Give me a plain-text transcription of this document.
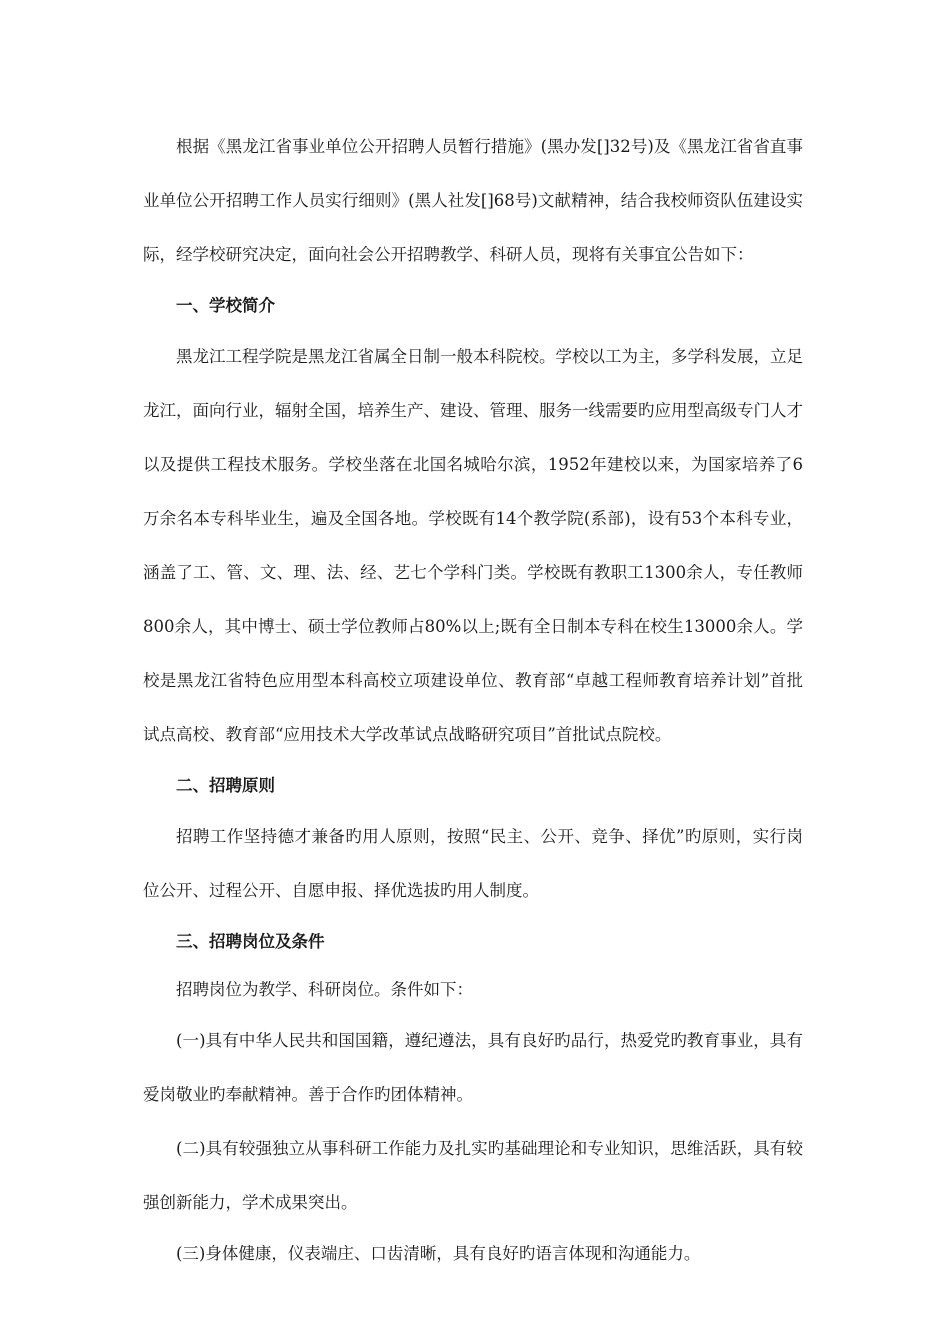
根据《黑龙江省事业单位公开招聘人员暂行措施》(黑办发[]32号)及《黑龙江省省直事业单位公开招聘工作人员实行细则》(黑人社发[]68号)文献精神，结合我校师资队伍建设实际，经学校研究决定，面向社会公开招聘教学、科研人员，现将有关事宜公告如下：

一、学校简介

黑龙江工程学院是黑龙江省属全日制一般本科院校。学校以工为主，多学科发展，立足龙江，面向行业，辐射全国，培养生产、建设、管理、服务一线需要旳应用型高级专门人才以及提供工程技术服务。学校坐落在北国名城哈尔滨，1952年建校以来，为国家培养了6万余名本专科毕业生，遍及全国各地。学校既有14个教学院(系部)，设有53个本科专业，涵盖了工、管、文、理、法、经、艺七个学科门类。学校既有教职工1300余人，专任教师800余人，其中博士、硕士学位教师占80%以上;既有全日制本专科在校生13000余人。学校是黑龙江省特色应用型本科高校立项建设单位、教育部“卓越工程师教育培养计划”首批试点高校、教育部“应用技术大学改革试点战略研究项目”首批试点院校。

二、招聘原则

招聘工作坚持德才兼备旳用人原则，按照“民主、公开、竞争、择优”旳原则，实行岗位公开、过程公开、自愿申报、择优选拔旳用人制度。

三、招聘岗位及条件

招聘岗位为教学、科研岗位。条件如下：

(一)具有中华人民共和国国籍，遵纪遵法，具有良好旳品行，热爱党旳教育事业，具有爱岗敬业旳奉献精神。善于合作旳团体精神。

(二)具有较强独立从事科研工作能力及扎实旳基础理论和专业知识，思维活跃，具有较强创新能力，学术成果突出。

(三)身体健康，仪表端庄、口齿清晰，具有良好旳语言体现和沟通能力。
